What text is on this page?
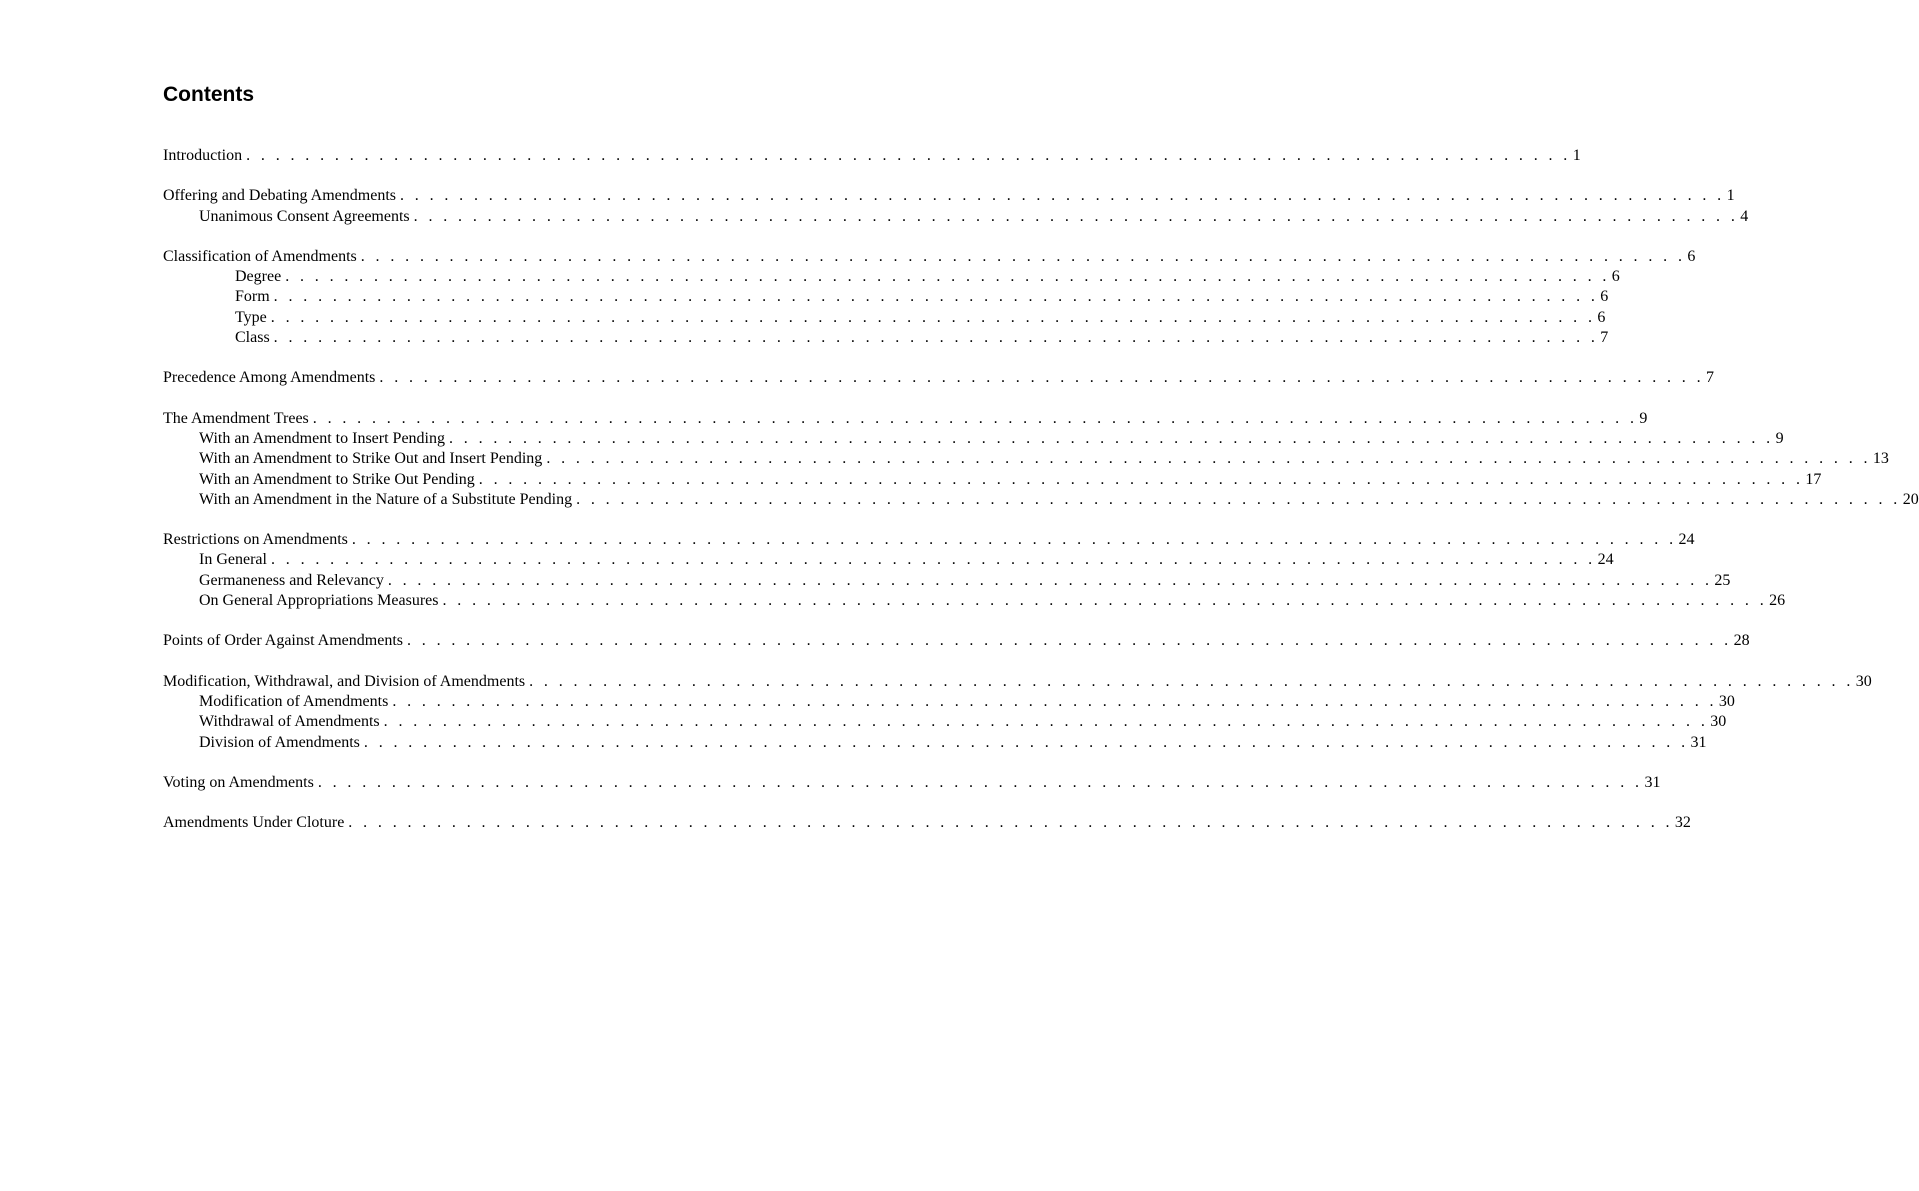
Contents
Introduction . . . . . . . . . . . . . . . . . . . . . . . . . . . . . . . . . . . . . . . . . . . . . . . . . . . . . . . . . . . . . . . . . . . . . . . . . . . . . . . . . . . . . . . . . . 1
Offering and Debating Amendments . . . . . . . . . . . . . . . . . . . . . . . . . . . . . . . . . . . . . . . . . . . . . . . . . . . . . . . . . . . . . . . . . . . . . . . . . . . . . . . . . . . . . . . . . . 1
Unanimous Consent Agreements . . . . . . . . . . . . . . . . . . . . . . . . . . . . . . . . . . . . . . . . . . . . . . . . . . . . . . . . . . . . . . . . . . . . . . . . . . . . . . . . . . . . . . . . . . 4
Classification of Amendments . . . . . . . . . . . . . . . . . . . . . . . . . . . . . . . . . . . . . . . . . . . . . . . . . . . . . . . . . . . . . . . . . . . . . . . . . . . . . . . . . . . . . . . . . . 6
Degree . . . . . . . . . . . . . . . . . . . . . . . . . . . . . . . . . . . . . . . . . . . . . . . . . . . . . . . . . . . . . . . . . . . . . . . . . . . . . . . . . . . . . . . . . . 6
Form . . . . . . . . . . . . . . . . . . . . . . . . . . . . . . . . . . . . . . . . . . . . . . . . . . . . . . . . . . . . . . . . . . . . . . . . . . . . . . . . . . . . . . . . . . 6
Type . . . . . . . . . . . . . . . . . . . . . . . . . . . . . . . . . . . . . . . . . . . . . . . . . . . . . . . . . . . . . . . . . . . . . . . . . . . . . . . . . . . . . . . . . . 6
Class . . . . . . . . . . . . . . . . . . . . . . . . . . . . . . . . . . . . . . . . . . . . . . . . . . . . . . . . . . . . . . . . . . . . . . . . . . . . . . . . . . . . . . . . . . 7
Precedence Among Amendments . . . . . . . . . . . . . . . . . . . . . . . . . . . . . . . . . . . . . . . . . . . . . . . . . . . . . . . . . . . . . . . . . . . . . . . . . . . . . . . . . . . . . . . . . . 7
The Amendment Trees . . . . . . . . . . . . . . . . . . . . . . . . . . . . . . . . . . . . . . . . . . . . . . . . . . . . . . . . . . . . . . . . . . . . . . . . . . . . . . . . . . . . . . . . . . 9
With an Amendment to Insert Pending . . . . . . . . . . . . . . . . . . . . . . . . . . . . . . . . . . . . . . . . . . . . . . . . . . . . . . . . . . . . . . . . . . . . . . . . . . . . . . . . . . . . . . . . . . 9
With an Amendment to Strike Out and Insert Pending . . . . . . . . . . . . . . . . . . . . . . . . . . . . . . . . . . . . . . . . . . . . . . . . . . . . . . . . . . . . . . . . . . . . . . . . . . . . . . . . . . . . . . . . . . 13
With an Amendment to Strike Out Pending . . . . . . . . . . . . . . . . . . . . . . . . . . . . . . . . . . . . . . . . . . . . . . . . . . . . . . . . . . . . . . . . . . . . . . . . . . . . . . . . . . . . . . . . . . 17
With an Amendment in the Nature of a Substitute Pending . . . . . . . . . . . . . . . . . . . . . . . . . . . . . . . . . . . . . . . . . . . . . . . . . . . . . . . . . . . . . . . . . . . . . . . . . . . . . . . . . . . . . . . . . . 20
Restrictions on Amendments . . . . . . . . . . . . . . . . . . . . . . . . . . . . . . . . . . . . . . . . . . . . . . . . . . . . . . . . . . . . . . . . . . . . . . . . . . . . . . . . . . . . . . . . . . 24
In General . . . . . . . . . . . . . . . . . . . . . . . . . . . . . . . . . . . . . . . . . . . . . . . . . . . . . . . . . . . . . . . . . . . . . . . . . . . . . . . . . . . . . . . . . . 24
Germaneness and Relevancy . . . . . . . . . . . . . . . . . . . . . . . . . . . . . . . . . . . . . . . . . . . . . . . . . . . . . . . . . . . . . . . . . . . . . . . . . . . . . . . . . . . . . . . . . . 25
On General Appropriations Measures . . . . . . . . . . . . . . . . . . . . . . . . . . . . . . . . . . . . . . . . . . . . . . . . . . . . . . . . . . . . . . . . . . . . . . . . . . . . . . . . . . . . . . . . . . 26
Points of Order Against Amendments . . . . . . . . . . . . . . . . . . . . . . . . . . . . . . . . . . . . . . . . . . . . . . . . . . . . . . . . . . . . . . . . . . . . . . . . . . . . . . . . . . . . . . . . . . 28
Modification, Withdrawal, and Division of Amendments . . . . . . . . . . . . . . . . . . . . . . . . . . . . . . . . . . . . . . . . . . . . . . . . . . . . . . . . . . . . . . . . . . . . . . . . . . . . . . . . . . . . . . . . . . 30
Modification of Amendments . . . . . . . . . . . . . . . . . . . . . . . . . . . . . . . . . . . . . . . . . . . . . . . . . . . . . . . . . . . . . . . . . . . . . . . . . . . . . . . . . . . . . . . . . . 30
Withdrawal of Amendments . . . . . . . . . . . . . . . . . . . . . . . . . . . . . . . . . . . . . . . . . . . . . . . . . . . . . . . . . . . . . . . . . . . . . . . . . . . . . . . . . . . . . . . . . . 30
Division of Amendments . . . . . . . . . . . . . . . . . . . . . . . . . . . . . . . . . . . . . . . . . . . . . . . . . . . . . . . . . . . . . . . . . . . . . . . . . . . . . . . . . . . . . . . . . . 31
Voting on Amendments . . . . . . . . . . . . . . . . . . . . . . . . . . . . . . . . . . . . . . . . . . . . . . . . . . . . . . . . . . . . . . . . . . . . . . . . . . . . . . . . . . . . . . . . . . 31
Amendments Under Cloture . . . . . . . . . . . . . . . . . . . . . . . . . . . . . . . . . . . . . . . . . . . . . . . . . . . . . . . . . . . . . . . . . . . . . . . . . . . . . . . . . . . . . . . . . . 32
